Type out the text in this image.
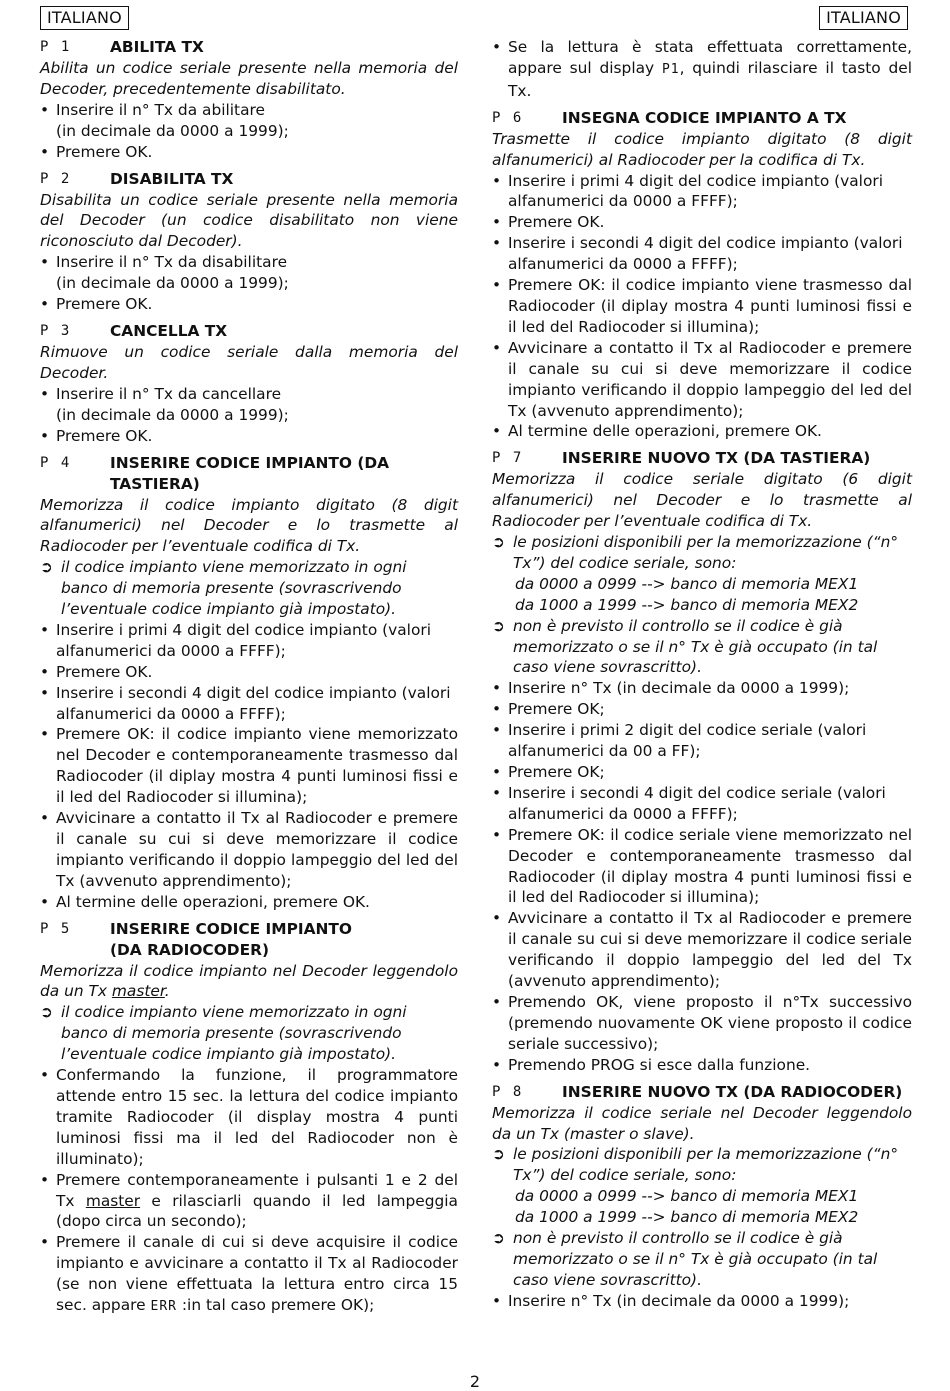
ITALIANO	ITALIANO
P 1	ABILITA TX

Abilita un codice seriale presente nella memoria del Decoder, precedentemente disabilitato.

• Inserire il n° Tx da abilitare
(in decimale da 0000 a 1999);
• Premere OK.
P 2	DISABILITA TX

Disabilita un codice seriale presente nella memoria del Decoder (un codice disabilitato non viene riconosciuto dal Decoder).

• Inserire il n° Tx da disabilitare
(in decimale da 0000 a 1999);
• Premere OK.
P 3	CANCELLA TX

Rimuove un codice seriale dalla memoria del Decoder.

• Inserire il n° Tx da cancellare
(in decimale da 0000 a 1999);
• Premere OK.
P 4	INSERIRE CODICE IMPIANTO (DA TASTIERA)

Memorizza il codice impianto digitato (8 digit alfanumerici) nel Decoder e lo trasmette al Radiocoder per l’eventuale codifica di Tx.

➲ il codice impianto viene memorizzato in ogni banco di memoria presente (sovrascrivendo l’eventuale codice impianto già impostato).
• Inserire i primi 4 digit del codice impianto (valori alfanumerici da 0000 a FFFF);
• Premere OK.
• Inserire i secondi 4 digit del codice impianto (valori alfanumerici da 0000 a FFFF);
• Premere OK: il codice impianto viene memorizzato nel Decoder e contemporaneamente trasmesso dal Radiocoder (il diplay mostra 4 punti luminosi fissi e il led del Radiocoder si illumina);
• Avvicinare a contatto il Tx al Radiocoder e premere il canale su cui si deve memorizzare il codice impianto verificando il doppio lampeggio del led del Tx (avvenuto apprendimento);
• Al termine delle operazioni, premere OK.
P 5	INSERIRE CODICE IMPIANTO
(DA RADIOCODER)

Memorizza il codice impianto nel Decoder leggendolo da un Tx master.

➲ il codice impianto viene memorizzato in ogni banco di memoria presente (sovrascrivendo l’eventuale codice impianto già impostato).
• Confermando la funzione, il programmatore attende entro 15 sec. la lettura del codice impianto tramite Radiocoder (il display mostra 4 punti luminosi fissi ma il led del Radiocoder non è illuminato);
• Premere contemporaneamente i pulsanti 1 e 2 del Tx master e rilasciarli quando il led lampeggia (dopo circa un secondo);
• Premere il canale di cui si deve acquisire il codice impianto e avvicinare a contatto il Tx al Radiocoder (se non viene effettuata la lettura entro circa 15 sec. appare ERR :in tal caso premere OK);
• Se la lettura è stata effettuata correttamente, appare sul display P1, quindi rilasciare il tasto del Tx.
P 6	INSEGNA CODICE IMPIANTO A TX

Trasmette il codice impianto digitato (8 digit alfanumerici) al Radiocoder per la codifica di Tx.

• Inserire i primi 4 digit del codice impianto (valori alfanumerici da 0000 a FFFF);
• Premere OK.
• Inserire i secondi 4 digit del codice impianto (valori alfanumerici da 0000 a FFFF);
• Premere OK: il codice impianto viene trasmesso dal Radiocoder (il diplay mostra 4 punti luminosi fissi e il led del Radiocoder si illumina);
• Avvicinare a contatto il Tx al Radiocoder e premere il canale su cui si deve memorizzare il codice impianto verificando il doppio lampeggio del led del Tx (avvenuto apprendimento);
• Al termine delle operazioni, premere OK.
P 7	INSERIRE NUOVO TX (DA TASTIERA)

Memorizza il codice seriale digitato (6 digit alfanumerici) nel Decoder e lo trasmette al Radiocoder per l’eventuale codifica di Tx.

➲ le posizioni disponibili per la memorizzazione (“n° Tx”) del codice seriale, sono:
da 0000 a 0999 --> banco di memoria MEX1
da 1000 a 1999 --> banco di memoria MEX2
➲ non è previsto il controllo se il codice è già memorizzato o se il n° Tx è già occupato (in tal caso viene sovrascritto).
• Inserire n° Tx (in decimale da 0000 a 1999);
• Premere OK;
• Inserire i primi 2 digit del codice seriale (valori alfanumerici da 00 a FF);
• Premere OK;
• Inserire i secondi 4 digit del codice seriale (valori alfanumerici da 0000 a FFFF);
• Premere OK: il codice seriale viene memorizzato nel Decoder e contemporaneamente trasmesso dal Radiocoder (il diplay mostra 4 punti luminosi fissi e il led del Radiocoder si illumina);
• Avvicinare a contatto il Tx al Radiocoder e premere il canale su cui si deve memorizzare il codice seriale verificando il doppio lampeggio del led del Tx (avvenuto apprendimento);
• Premendo OK, viene proposto il n°Tx successivo (premendo nuovamente OK viene proposto il codice seriale successivo);
• Premendo PROG si esce dalla funzione.
P 8	INSERIRE NUOVO TX (DA RADIOCODER)

Memorizza il codice seriale nel Decoder leggendolo da un Tx (master o slave).

➲ le posizioni disponibili per la memorizzazione (“n° Tx”) del codice seriale, sono:
da 0000 a 0999 --> banco di memoria MEX1
da 1000 a 1999 --> banco di memoria MEX2
➲ non è previsto il controllo se il codice è già memorizzato o se il n° Tx è già occupato (in tal caso viene sovrascritto).
• Inserire n° Tx (in decimale da 0000 a 1999);
2
